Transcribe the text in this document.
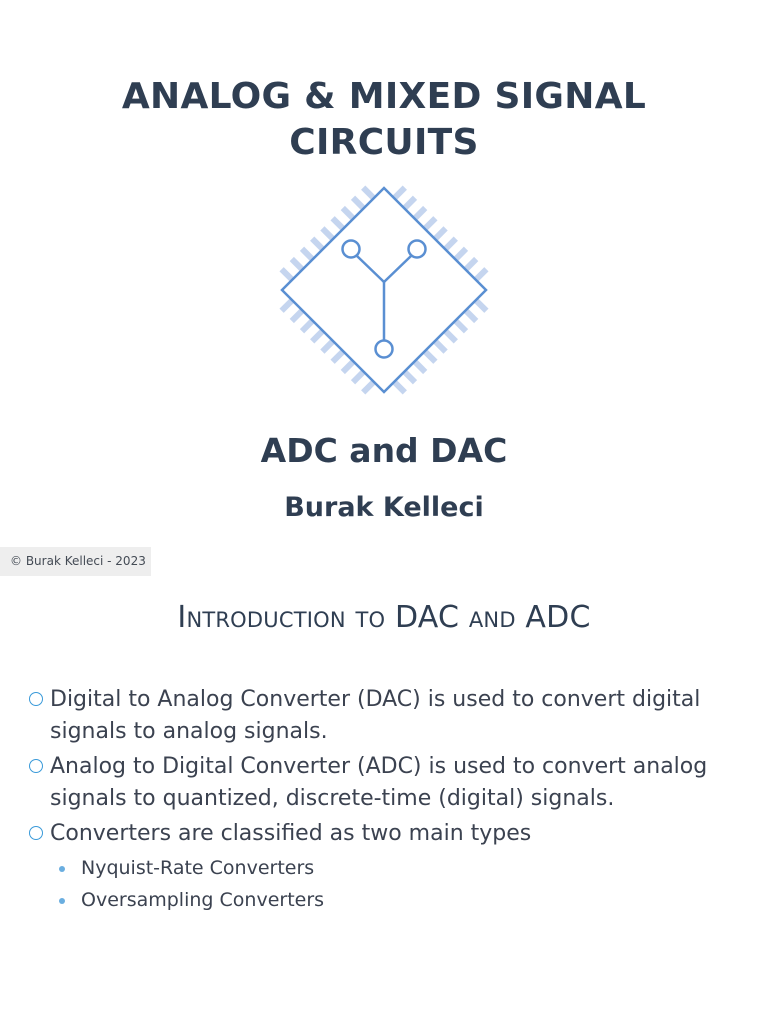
ANALOG & MIXED SIGNAL
CIRCUITS
ADC and DAC
Burak Kelleci
© Burak Kelleci - 2023
Introduction to DAC and ADC
Digital to Analog Converter (DAC) is used to convert digital signals to analog signals.
Analog to Digital Converter (ADC) is used to convert analog signals to quantized, discrete-time (digital) signals.
Converters are classified as two main types
Nyquist-Rate Converters
Oversampling Converters
